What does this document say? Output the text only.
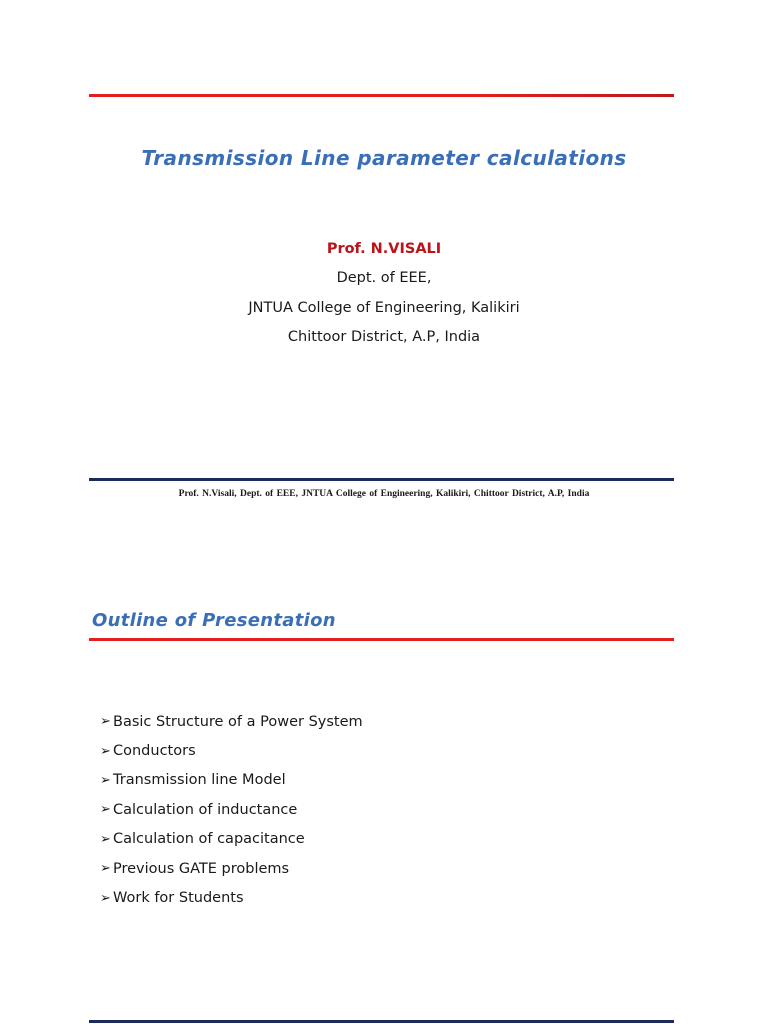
Transmission Line parameter calculations
Prof. N.VISALI
Dept. of EEE,
JNTUA College of Engineering, Kalikiri
Chittoor District, A.P, India
Prof. N.Visali, Dept. of EEE, JNTUA College of Engineering, Kalikiri, Chittoor District, A.P, India
Outline of Presentation
➢ Basic Structure of a Power System
➢ Conductors
➢ Transmission line Model
➢ Calculation of inductance
➢ Calculation of capacitance
➢ Previous GATE problems
➢ Work for Students
